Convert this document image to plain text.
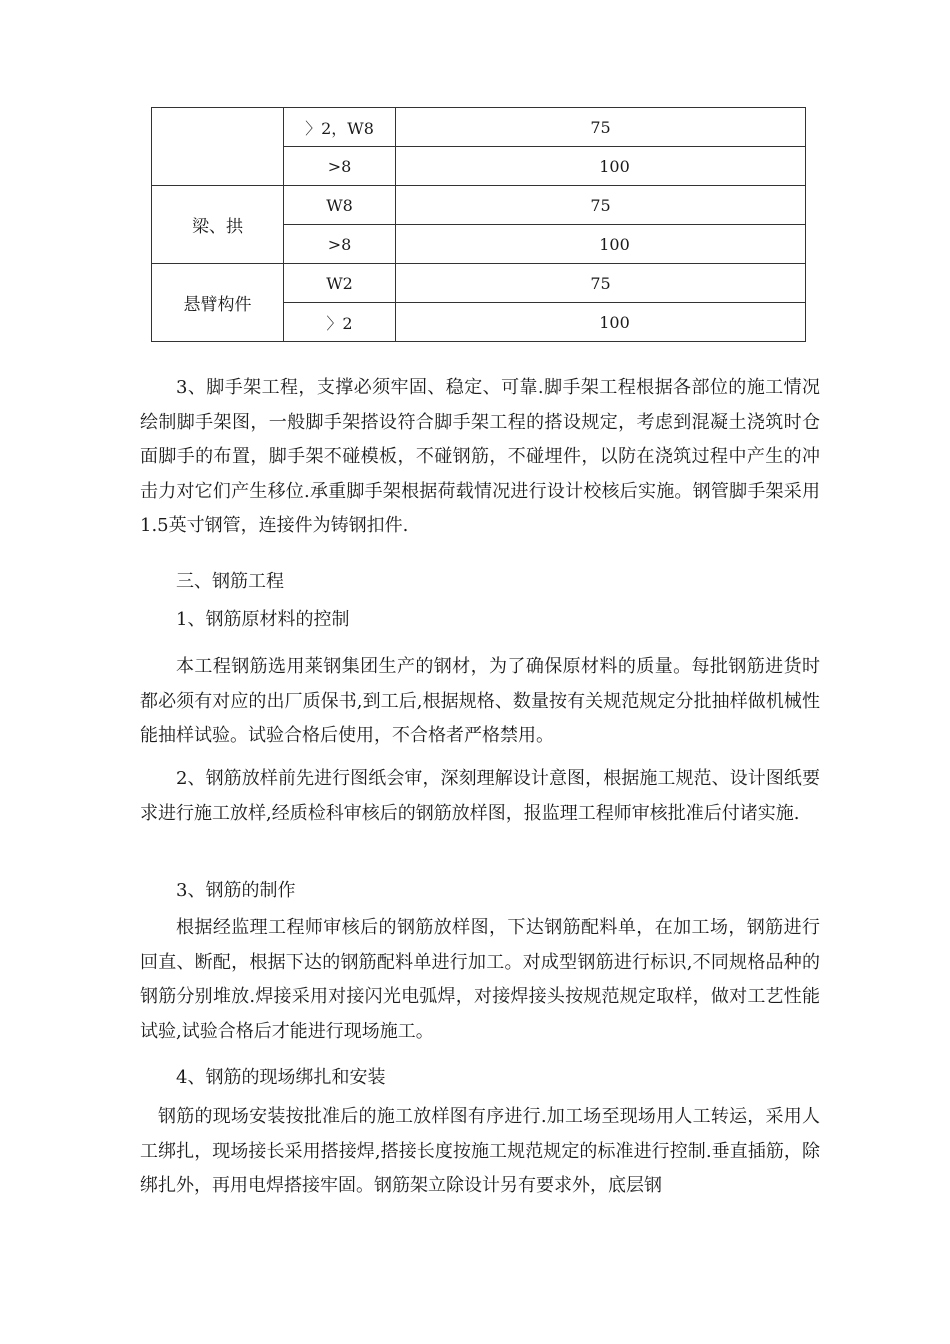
	〉2，W8	75
	>8	100
梁、拱	W8	75
	>8	100
悬臂构件	W2	75
	〉2	100

3、脚手架工程，支撑必须牢固、稳定、可靠.脚手架工程根据各部位的施工情况绘制脚手架图，一般脚手架搭设符合脚手架工程的搭设规定，考虑到混凝土浇筑时仓面脚手的布置，脚手架不碰模板，不碰钢筋，不碰埋件，以防在浇筑过程中产生的冲击力对它们产生移位.承重脚手架根据荷载情况进行设计校核后实施。钢管脚手架采用1.5英寸钢管，连接件为铸钢扣件.

三、钢筋工程

1、钢筋原材料的控制

本工程钢筋选用莱钢集团生产的钢材，为了确保原材料的质量。每批钢筋进货时都必须有对应的出厂质保书,到工后,根据规格、数量按有关规范规定分批抽样做机械性能抽样试验。试验合格后使用，不合格者严格禁用。

2、钢筋放样前先进行图纸会审，深刻理解设计意图，根据施工规范、设计图纸要求进行施工放样,经质检科审核后的钢筋放样图，报监理工程师审核批准后付诸实施.

3、钢筋的制作

根据经监理工程师审核后的钢筋放样图，下达钢筋配料单，在加工场，钢筋进行回直、断配，根据下达的钢筋配料单进行加工。对成型钢筋进行标识,不同规格品种的钢筋分别堆放.焊接采用对接闪光电弧焊，对接焊接头按规范规定取样，做对工艺性能试验,试验合格后才能进行现场施工。

4、钢筋的现场绑扎和安装

钢筋的现场安装按批准后的施工放样图有序进行.加工场至现场用人工转运，采用人工绑扎，现场接长采用搭接焊,搭接长度按施工规范规定的标准进行控制.垂直插筋，除绑扎外，再用电焊搭接牢固。钢筋架立除设计另有要求外，底层钢
